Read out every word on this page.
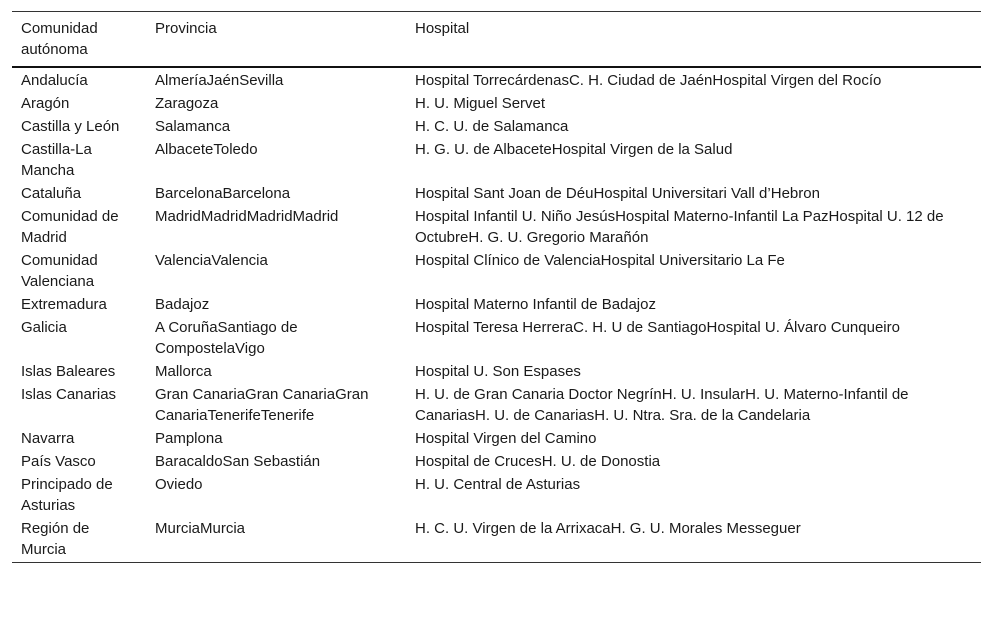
Comunidad autónoma	Provincia	Hospital
Andalucía	AlmeríaJaénSevilla	Hospital TorrecárdenasC. H. Ciudad de JaénHospital Virgen del Rocío
Aragón	Zaragoza	H. U. Miguel Servet
Castilla y León	Salamanca	H. C. U. de Salamanca
Castilla-La Mancha	AlbaceteToledo	H. G. U. de AlbaceteHospital Virgen de la Salud
Cataluña	BarcelonaBarcelona	Hospital Sant Joan de DéuHospital Universitari Vall d’Hebron
Comunidad de Madrid	MadridMadridMadridMadrid	Hospital Infantil U. Niño JesúsHospital Materno-Infantil La PazHospital U. 12 de OctubreH. G. U. Gregorio Marañón
Comunidad Valenciana	ValenciaValencia	Hospital Clínico de ValenciaHospital Universitario La Fe
Extremadura	Badajoz	Hospital Materno Infantil de Badajoz
Galicia	A CoruñaSantiago de CompostelaVigo	Hospital Teresa HerreraC. H. U de SantiagoHospital U. Álvaro Cunqueiro
Islas Baleares	Mallorca	Hospital U. Son Espases
Islas Canarias	Gran CanariaGran CanariaGran CanariaTenerifeTenerife	H. U. de Gran Canaria Doctor NegrínH. U. InsularH. U. Materno-Infantil de CanariasH. U. de CanariasH. U. Ntra. Sra. de la Candelaria
Navarra	Pamplona	Hospital Virgen del Camino
País Vasco	BaracaldoSan Sebastián	Hospital de CrucesH. U. de Donostia
Principado de Asturias	Oviedo	H. U. Central de Asturias
Región de Murcia	MurciaMurcia	H. C. U. Virgen de la ArrixacaH. G. U. Morales Messeguer
